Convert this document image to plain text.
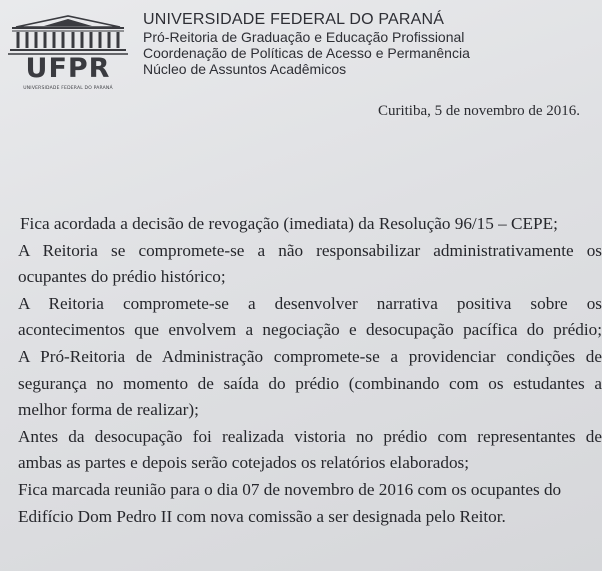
UFPR
UNIVERSIDADE FEDERAL DO PARANÁ
UNIVERSIDADE FEDERAL DO PARANÁ
Pró-Reitoria de Graduação e Educação Profissional
Coordenação de Políticas de Acesso e Permanência
Núcleo de Assuntos Acadêmicos
Curitiba, 5 de novembro de 2016.
Fica acordada a decisão de revogação (imediata) da Resolução 96/15 – CEPE;
A Reitoria se compromete-se a não responsabilizar administrativamente os
ocupantes do prédio histórico;
A Reitoria compromete-se a desenvolver narrativa positiva sobre os
acontecimentos que envolvem a negociação e desocupação pacífica do prédio;
A Pró-Reitoria de Administração compromete-se a providenciar condições de
segurança no momento de saída do prédio (combinando com os estudantes a
melhor forma de realizar);
Antes da desocupação foi realizada vistoria no prédio com representantes de
ambas as partes e depois serão cotejados os relatórios elaborados;
Fica marcada reunião para o dia 07 de novembro de 2016 com os ocupantes do
Edifício Dom Pedro II com nova comissão a ser designada pelo Reitor.
